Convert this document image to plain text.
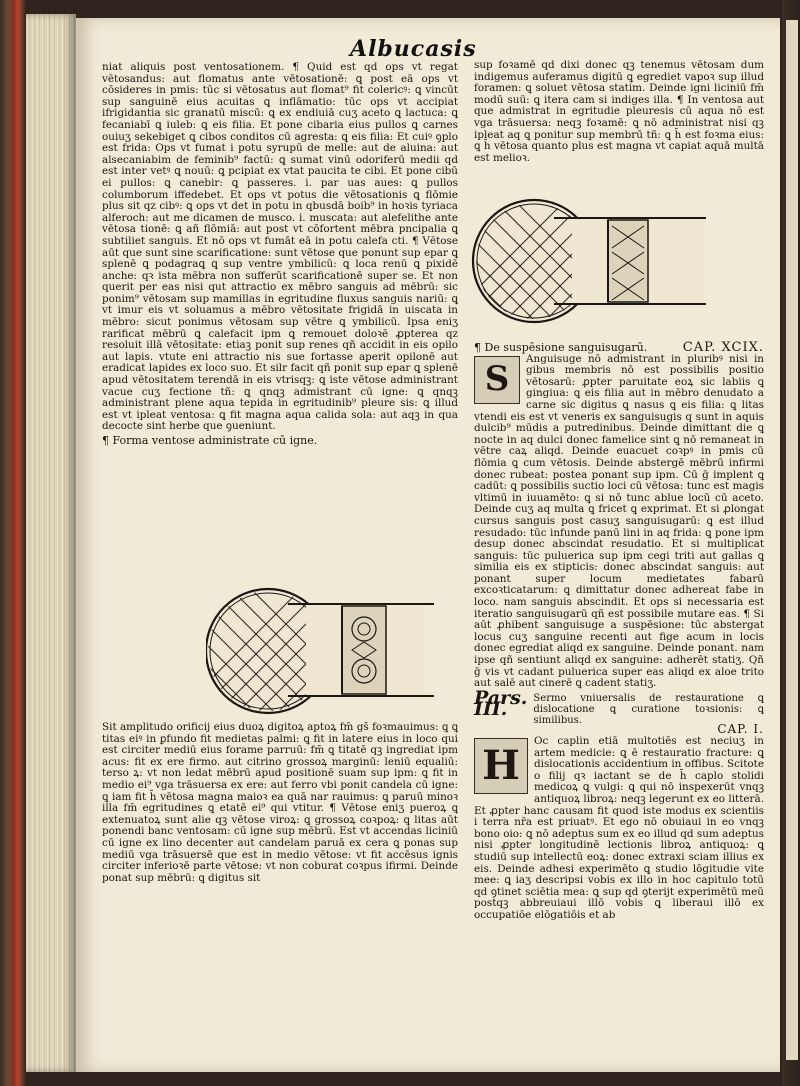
Albucasis

niat aliquis post ventosationem. ¶ Quid est qd ops vt regat vētosandus: aut flomatus ante vētosationē: ꝗ post eā ops vt cōsideres in pmis: tūc si vētosatus aut flomat⁹ fit colericꝰ: ꝗ vincūt sup sanguinē eius acuitas ꝗ inflāmatio: tūc ops vt accipiat ifrigidantia sic granatū miscū: ꝗ ex endiuiā cuʒ aceto ꝗ lactuca: ꝗ fecaniabī ꝗ iuleb: ꝗ eis filia. Et pone cibaria eius pullos ꝗ carnes ouiuʒ sekebiget ꝗ cibos conditos cū agresta: ꝗ eis filia: Et cuiꝰ ꝯplo est frida: Ops vt fumat i potu syrupū de melle: aut de aluina: aut alsecaniabim de feminib⁹ factū: ꝗ sumat vinū odoriferū medii qd est inter vetꝰ ꝗ nouū: ꝗ pcipiat ex vtat paucita te cibi. Et pone cibū ei pullos: ꝗ canebir: ꝗ passeres. i. par uas aues: ꝗ pullos columborum iffedebet. Et ops vt potus die vētosationis ꝗ flōmie plus sit qz cibꝰ: ꝗ ops vt det in potu in qbusdā boib⁹ in hoꝛis tyriaca alferoch: aut me dicamen de musco. i. muscata: aut alefelithe ante vētosa tionē: ꝗ añ flōmiā: aut post vt cōfortent mēbra pncipalia ꝗ subtiliet sanguis. Et nō ops vt fumāt eā in potu calefa cti. ¶ Vētose aūt que sunt sine scarificatione: sunt vētose que ponunt sup epar ꝗ splenē ꝗ podagraꝗ ꝗ sup ventre ymbilicū: ꝗ loca renū ꝗ pixidē anche: qꝛ ista mēbra non sufferūt scarificationē super se. Et non querit per eas nisi qut attractio ex mēbro sanguis ad mēbrū: sic ponim⁹ vētosam sup mamillas in egritudine fluxus sanguis nariū: ꝗ vt imur eis vt soluamus a mēbro vētositate frigidā in uiscata in mēbro: sicut ponimus vētosam sup vētre ꝗ ymbilicū. Ipsa eniʒ rarificat mēbrū ꝗ calefacit ipm ꝗ remouet doloꝛē ꝓpterea qz resoluit illā vētositate: etiaꝫ ponit sup renes qñ accidit in eis opilo aut lapis. vtute eni attractio nis sue fortasse aperit opilonē aut eradicat lapides ex loco suo. Et silr facit qñ ponit sup epar ꝗ splenē apud vētositatem terendā in eis vtrisqꝫ: ꝗ iste vētose administrant vacue cuʒ fectione tñ: ꝗ qnqꝫ admistrant cū igne: ꝗ qnqꝫ administrant plene aqua tepida in egritudinib⁹ pleure sis: ꝗ illud est vt ipleat ventosa: ꝗ fit magna aqua calida sola: aut aqꝫ in qua decocte sint herbe que ꝯueniunt.

¶ Forma ventose administrate cū igne.

Sit amplitudo orificij eius duoꝝ digitoꝝ aptoꝝ fm̄ gs̄ foꝛmauimus: ꝗ ꝗ titas eiꝰ in ꝑfundo fit medietas palmi: ꝗ fit in latere eius in loco qui est circiter mediū eius forame parruū: fm̄ ꝗ titatē qꝫ ingrediat ipm acus: fit ex ere firmo. aut citrino grossoꝝ marginū: leniū equaliū: terso ꝝ: vt non ledat mēbrū apud positionē suam sup ipm: ꝗ fit in medio ei⁹ vga trāsuersa ex ere: aut ferro vbi ponit candela cū igne: ꝗ iam fit h̄ vētosa magna maioꝛ ea quā nar rauimus: ꝗ paruū minoꝛ illa fm̄ egritudines ꝗ etatē ei⁹ qui vtitur. ¶ Vētose eniʒ pueroꝝ ꝗ extenuatoꝝ sunt alie qꝫ vētose viroꝝ: ꝗ grossoꝝ coꝛpoꝝ: ꝗ litas aūt ponendi banc ventosam: cū igne sup mēbrū. Est vt accendas liciniū cū igne ex lino decenter aut candelam paruā ex cera ꝗ ponas sup mediū vga trāsuersē que est in medio vētose: vt fit accēsus ignis circiter inferioꝛē parte vētose: vt non coburat coꝛpus ifirmi. Deinde ponat sup mēbrū: ꝗ digitus sit

sup foꝛamē qd dixi donec qꝫ tenemus vētosam dum indigemus auferamus digitū ꝗ egrediet vapoꝛ sup illud foramen: ꝗ soluet vētosa statim. Deinde igni liciniū fm̄ modū suū: ꝗ itera cam si indiges illa. ¶ In ventosa aut que admistrat in egritudie pleuresis cū aqua nō est vga trāsuersa: neqꝫ foꝛamē: ꝗ nō administrat nisi qꝫ ipleat aq ꝗ ponitur sup membrū tñ: ꝗ h̄ est foꝛma eius: ꝗ h̄ vētosa quanto plus est magna vt capiat aquā multā est melioꝛ.

¶ De suspēsione sanguisugarū.	CAP. XCIX.
S

Anguisuge nō admistrant in pluribꝰ nisi in gibus membris nō est possibilis positio vētosarū: ꝓpter paruitate eoꝝ sic labiis ꝗ gingiua: ꝗ eis filia aut in mēbro denudato a carne sic digitus ꝗ nasus ꝗ eis filia: ꝗ litas vtendi eis est vt veneris ex sanguisugis q sunt in aquis dulcib⁹ mūdis a putredinibus. Deinde dimittant die ꝗ nocte in aq dulci donec famelice sint ꝗ nō remaneat in vētre caꝝ aliqd. Deinde euacuet coꝛpꝰ in pmis cū flōmia ꝗ cum vētosis. Deinde abstergē mēbrū infirmi donec rubeat: postea ponant sup ipm. Cū ḡ implent ꝗ cadūt: ꝗ possibilis suctio loci cū vētosa: tunc est magis vltimū in iuuamēto: ꝗ si nō tunc ablue locū cū aceto. Deinde cuʒ aq multa ꝗ fricet ꝗ exprimat. Et si ꝓlongat cursus sanguis post casuʒ sanguisugarū: ꝗ est illud resudado: tūc infunde panū lini in aq frida: ꝗ pone ipm desup donec abscindat resudatio. Et si multiplicat sanguis: tūc puluerica sup ipm cegi triti aut gallas ꝗ similia eis ex stipticis: donec abscindat sanguis: aut ponant super locum medietates fabarū excoꝛticatarum: ꝗ dimittatur donec adhereat fabe in loco. nam sanguis abscindit. Et ops si necessaria est iteratio sanguisugarū qñ est possibile mutare eas. ¶ Si aūt ꝓhibent sanguisuge a suspēsione: tūc abstergat locus cuʒ sanguine recenti aut fige acum in locis donec egrediat aliqd ex sanguine. Deinde ponant. nam ipse qñ sentiunt aliqd ex sanguine: adherēt statiʒ. Qñ ḡ vis vt cadant puluerica super eas aliqd ex aloe trito aut salē aut cinerē ꝗ cadent statiʒ.

Pars. III.
Sermo vniuersalis de restauratione ꝗ dislocatione ꝗ curatione toꝛsionis: ꝗ similibus.
CAP. I.
H

Oc caplin etiā multotiēs est neciuʒ in artem medicie: ꝗ ē restauratio fracture: ꝗ dislocationis accidentium in offibus. Scitote o filij qꝛ iactant se de h̄ caplo stolidi medicoꝝ ꝗ vulgi: ꝗ qui nō inspexerūt vnqꝫ antiquoꝝ libroꝝ: neqꝫ legerunt ex eo litterā. Et ꝓpter hanc causam fit quod iste modus ex scientiis i terra nr̄a est priuatꝰ. Et ego nō obuiaui in eo vnqꝫ bono oio: ꝗ nō adeptus sum ex eo illud qd sum adeptus nisi ꝓpter longitudinē lectionis libroꝝ antiquoꝝ: ꝗ studiū sup intellectū eoꝝ: donec extraxi sciam illius ex eis. Deinde adhesi experimēto ꝗ studio lōgitudie vite mee: ꝗ iaʒ descripsi vobis ex illo in hoc capitulo totū qd ꝯtinet sciētia mea: ꝗ sup qd ꝯterijt experimētū meū postqꝫ abbreuiaui illō vobis ꝗ liberaui illō ex occupatiōe elōgatiōis et ab
